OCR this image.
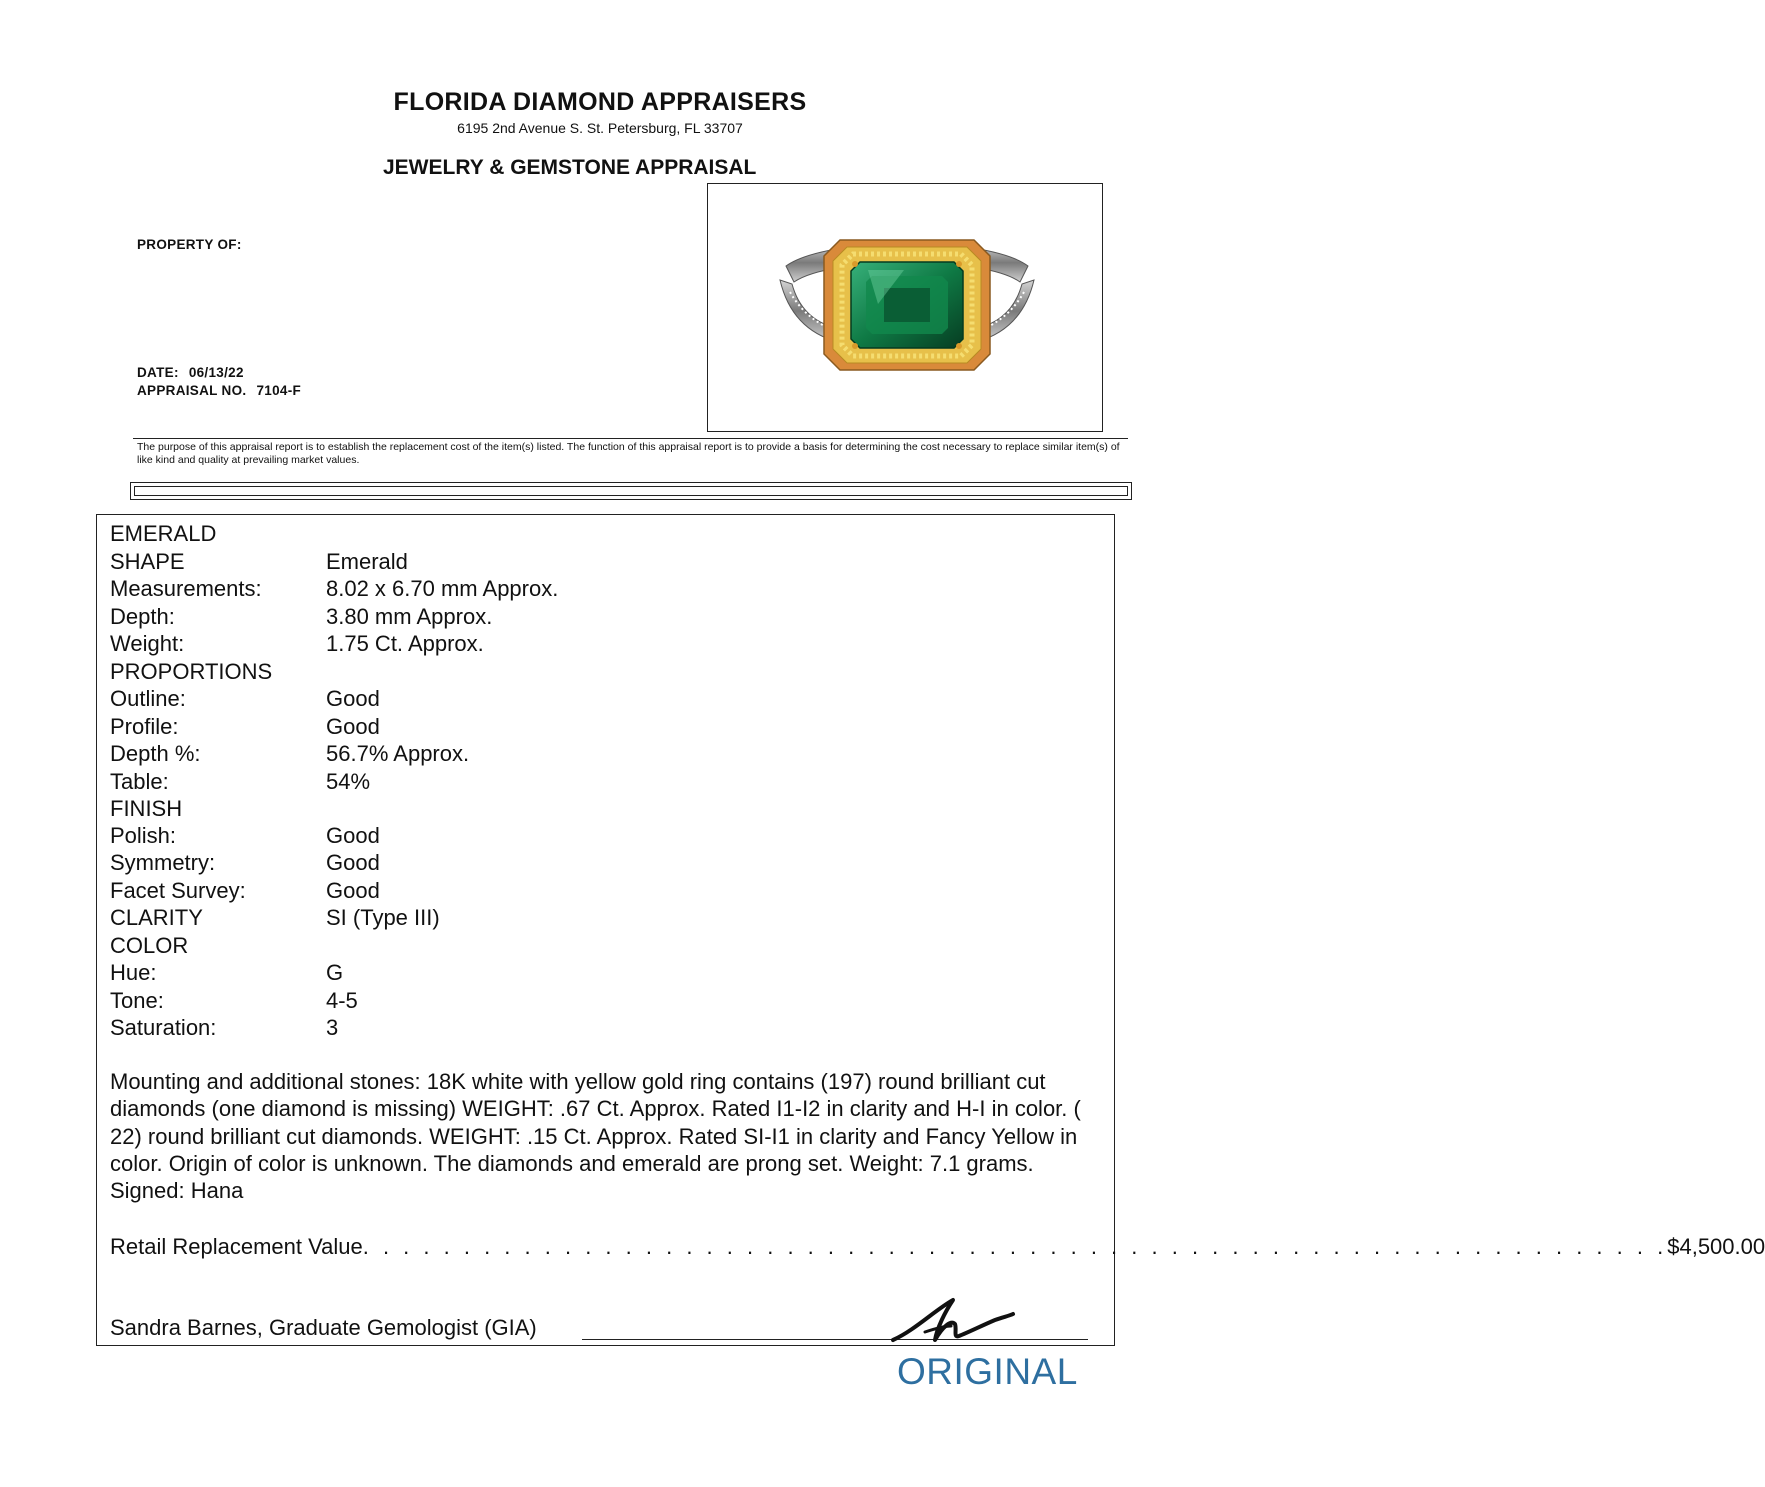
FLORIDA DIAMOND APPRAISERS
6195 2nd Avenue S. St. Petersburg, FL 33707
JEWELRY & GEMSTONE APPRAISAL
PROPERTY OF:
DATE: 06/13/22
APPRAISAL NO. 7104-F
The purpose of this appraisal report is to establish the replacement cost of the item(s) listed. The function of this appraisal report is to provide a basis for determining the cost necessary to replace similar item(s) of like kind and quality at prevailing market values.
EMERALD
SHAPE	Emerald
Measurements:	8.02 x 6.70 mm Approx.
Depth:	3.80 mm Approx.
Weight:	1.75 Ct. Approx.
PROPORTIONS
Outline:	Good
Profile:	Good
Depth %:	56.7% Approx.
Table:	54%
FINISH
Polish:	Good
Symmetry:	Good
Facet Survey:	Good
CLARITY	SI (Type III)
COLOR
Hue:	G
Tone:	4-5
Saturation:	3
Mounting and additional stones: 18K white with yellow gold ring contains (197) round brilliant cut diamonds (one diamond is missing) WEIGHT: .67 Ct. Approx. Rated I1-I2 in clarity and H-I in color. ( 22) round brilliant cut diamonds. WEIGHT: .15 Ct. Approx. Rated SI-I1 in clarity and Fancy Yellow in color. Origin of color is unknown. The diamonds and emerald are prong set. Weight: 7.1 grams. Signed: Hana
Retail Replacement Value . . . . . . . . . . . . . . . . . . . . . . . . . . . . . . . . . . . . . . . . . . . . . . . . . . . . . . . . . . . . . . . . . $4,500.00
Sandra Barnes, Graduate Gemologist (GIA)
ORIGINAL
